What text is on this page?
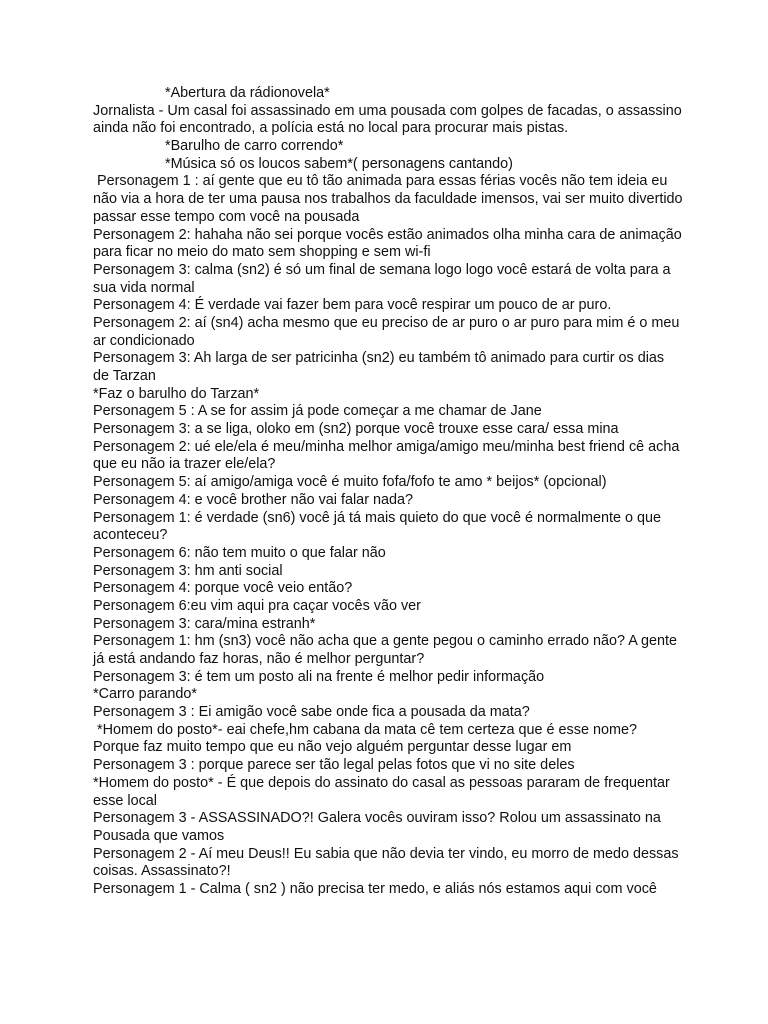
*Abertura da rádionovela*
Jornalista - Um casal foi assassinado em uma pousada com golpes de facadas, o assassino
ainda não foi encontrado, a polícia está no local para procurar mais pistas.
*Barulho de carro correndo*
*Música só os loucos sabem*( personagens cantando)
Personagem 1 : aí gente que eu tô tão animada para essas férias vocês não tem ideia eu
não via a hora de ter uma pausa nos trabalhos da faculdade imensos, vai ser muito divertido
passar esse tempo com você na pousada
Personagem 2: hahaha não sei porque vocês estão animados olha minha cara de animação
para ficar no meio do mato sem shopping e sem wi-fi
Personagem 3: calma (sn2) é só um final de semana logo logo você estará de volta para a
sua vida normal
Personagem 4: É verdade vai fazer bem para você respirar um pouco de ar puro.
Personagem 2: aí (sn4) acha mesmo que eu preciso de ar puro o ar puro para mim é o meu
ar condicionado
Personagem 3: Ah larga de ser patricinha (sn2) eu também tô animado para curtir os dias
de Tarzan
*Faz o barulho do Tarzan*
Personagem 5 : A se for assim já pode começar a me chamar de Jane
Personagem 3: a se liga, oloko em (sn2) porque você trouxe esse cara/ essa mina
Personagem 2: ué ele/ela é meu/minha melhor amiga/amigo meu/minha best friend cê acha
que eu não ia trazer ele/ela?
Personagem 5: aí amigo/amiga você é muito fofa/fofo te amo * beijos* (opcional)
Personagem 4: e você brother não vai falar nada?
Personagem 1: é verdade (sn6) você já tá mais quieto do que você é normalmente o que
aconteceu?
Personagem 6: não tem muito o que falar não
Personagem 3: hm anti social
Personagem 4: porque você veio então?
Personagem 6:eu vim aqui pra caçar vocês vão ver
Personagem 3: cara/mina estranh*
Personagem 1: hm (sn3) você não acha que a gente pegou o caminho errado não? A gente
já está andando faz horas, não é melhor perguntar?
Personagem 3: é tem um posto ali na frente é melhor pedir informação
*Carro parando*
Personagem 3 : Ei amigão você sabe onde fica a pousada da mata?
*Homem do posto*- eai chefe,hm cabana da mata cê tem certeza que é esse nome?
Porque faz muito tempo que eu não vejo alguém perguntar desse lugar em
Personagem 3 : porque parece ser tão legal pelas fotos que vi no site deles
*Homem do posto* - É que depois do assinato do casal as pessoas pararam de frequentar
esse local
Personagem 3 - ASSASSINADO?! Galera vocês ouviram isso? Rolou um assassinato na
Pousada que vamos
Personagem 2 - Aí meu Deus!! Eu sabia que não devia ter vindo, eu morro de medo dessas
coisas. Assassinato?!
Personagem 1 - Calma ( sn2 ) não precisa ter medo, e aliás nós estamos aqui com você
